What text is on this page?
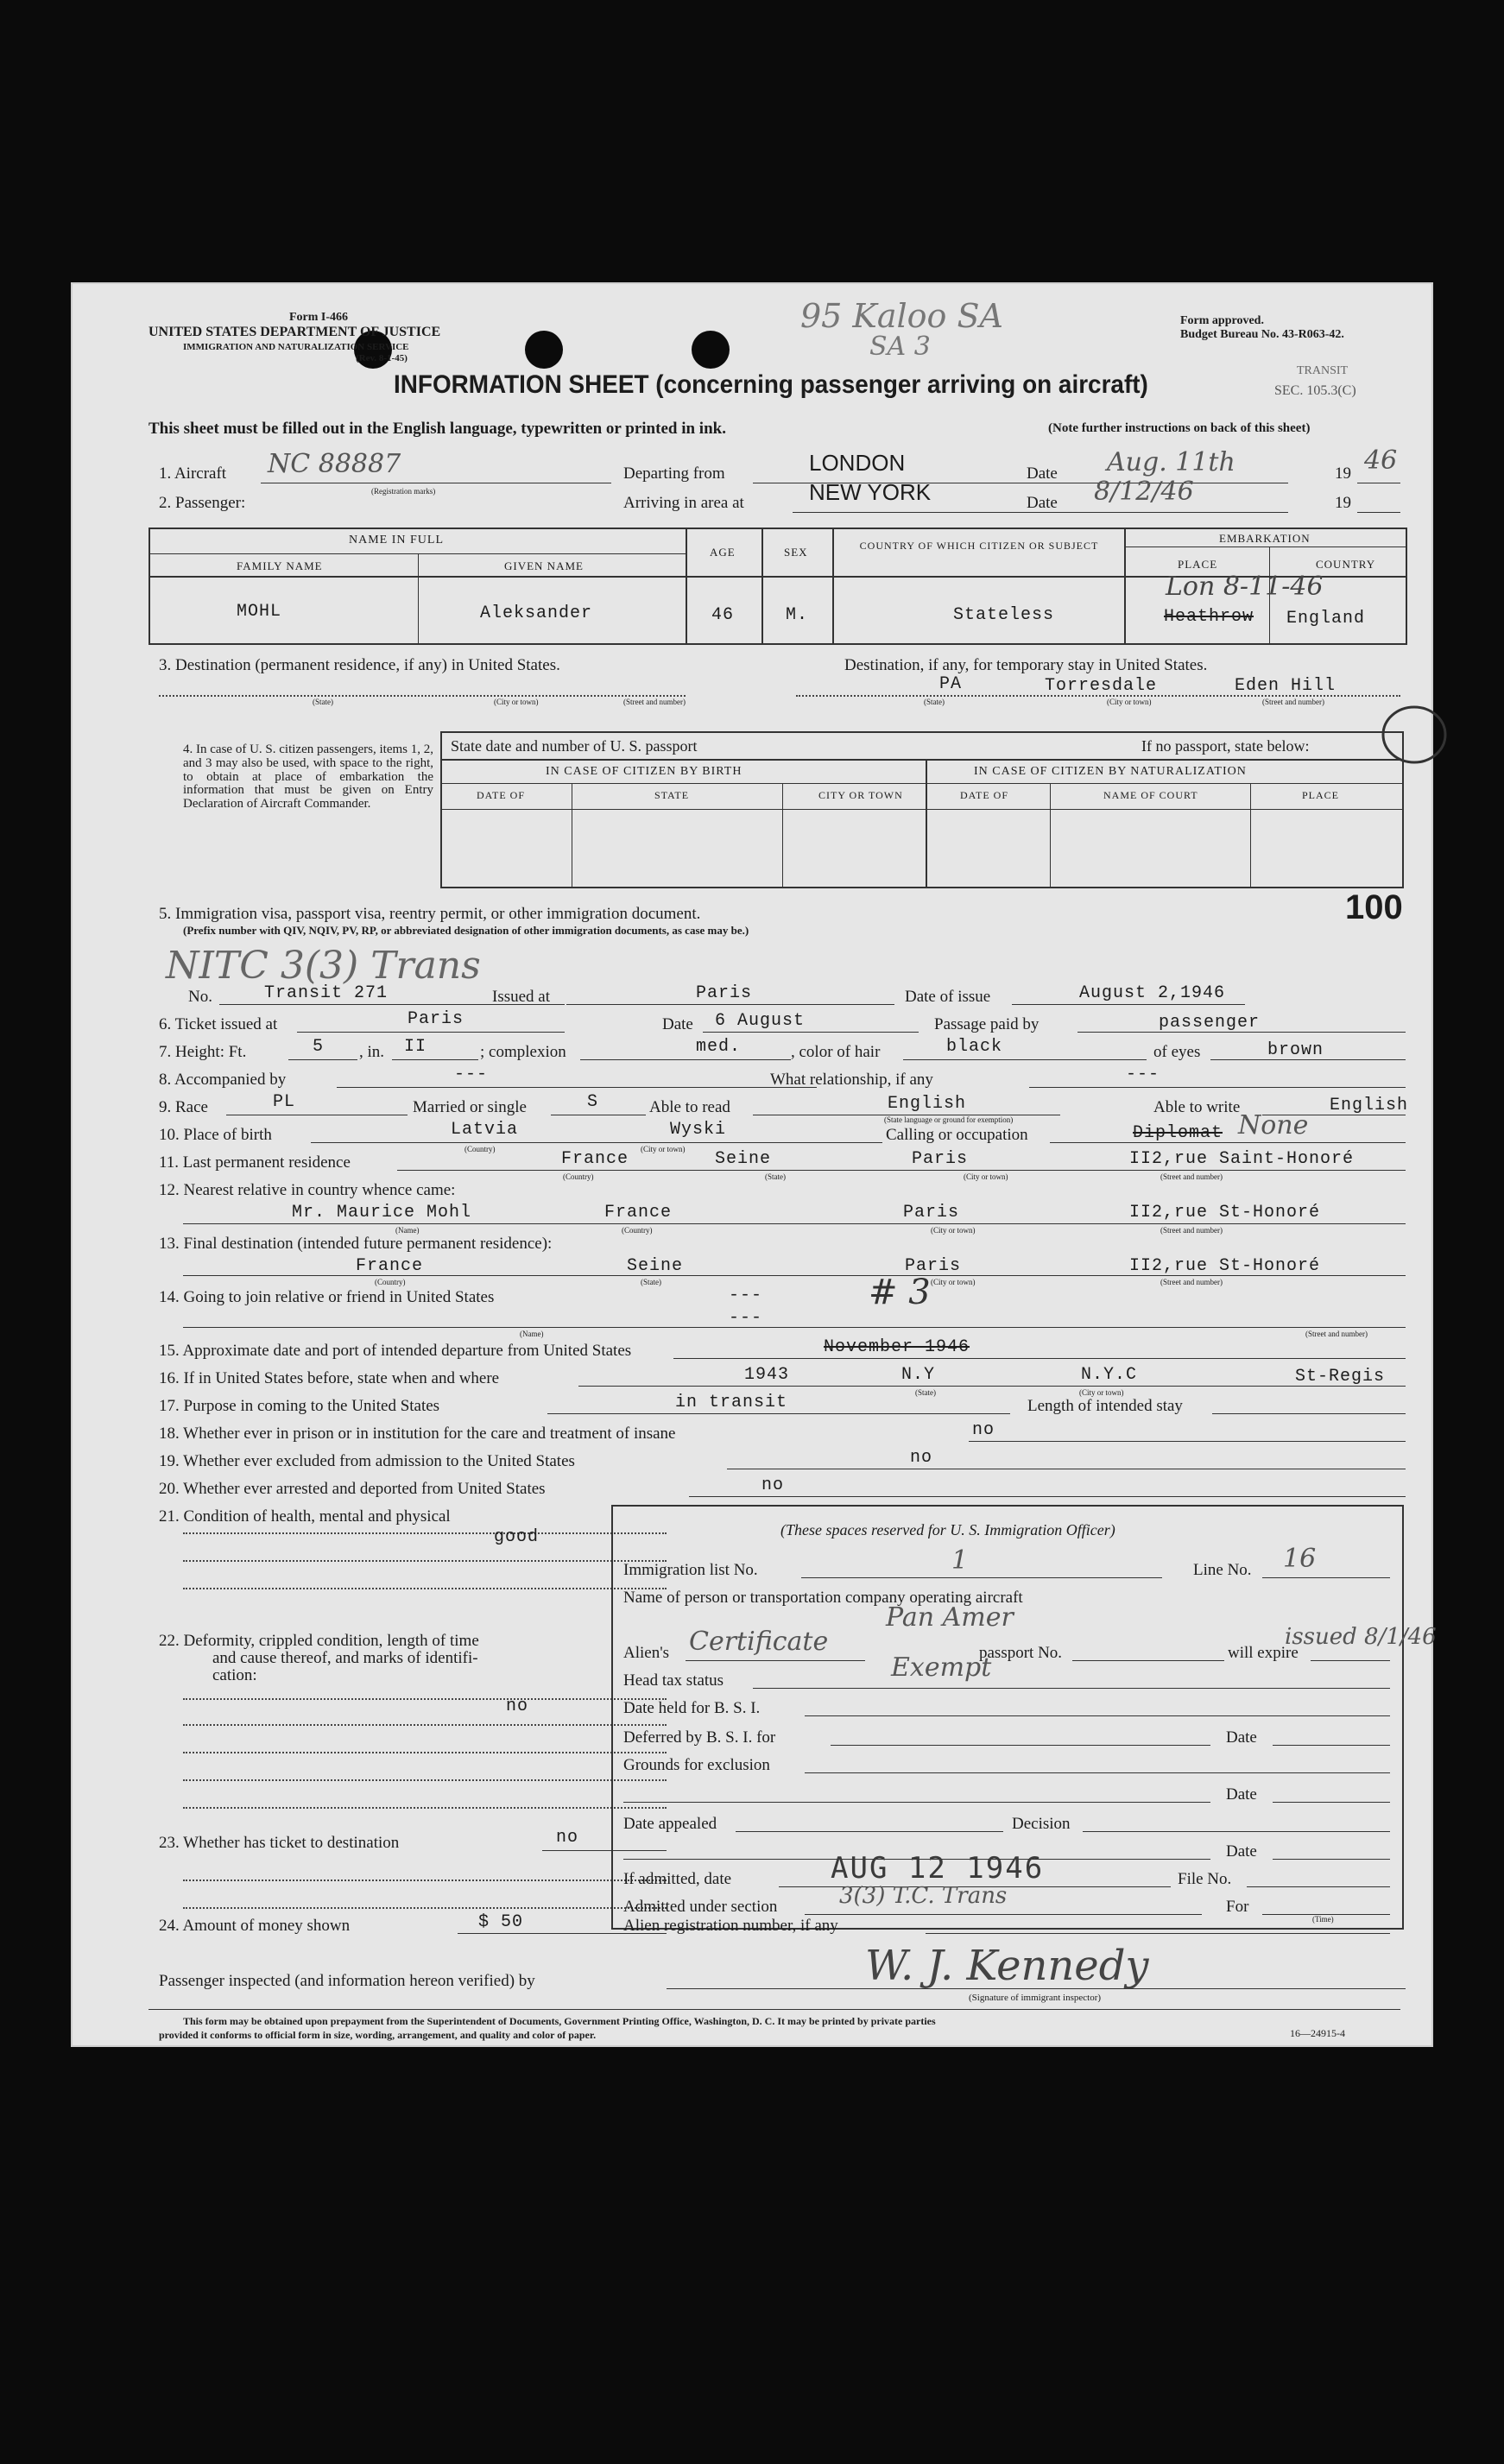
Form I-466
UNITED STATES DEPARTMENT OF JUSTICE
IMMIGRATION AND NATURALIZATION SERVICE
(Rev. 8-1-45)
95 Kaloo SA
SA 3
Form approved.
Budget Bureau No. 43-R063-42.
TRANSIT
SEC. 105.3(C)
INFORMATION SHEET (concerning passenger arriving on aircraft)
This sheet must be filled out in the English language, typewritten or printed in ink.	(Note further instructions on back of this sheet)
1. Aircraft NC 88887
(Registration marks)
Departing from	LONDON	Date Aug. 11th	19 46
2. Passenger:	Arriving in area at	NEW YORK	Date 8/12/46	19
NAME IN FULL
FAMILY NAME	GIVEN NAME
AGE	SEX	COUNTRY OF WHICH CITIZEN OR SUBJECT
EMBARKATION
PLACE	COUNTRY
MOHL	Aleksander	46	M.	Stateless
Lon 8-11-46
Heathrow England
3. Destination (permanent residence, if any) in United States.	Destination, if any, for temporary stay in United States.
(State)	(City or town)	(Street and number)
PA	Torresdale	Eden Hill
(State)	(City or town)	(Street and number)
4. In case of U. S. citizen passengers, items 1, 2, and 3 may also be used, with space to the right, to obtain at place of embarkation the information that must be given on Entry Declaration of Aircraft Commander.
State date and number of U. S. passport	If no passport, state below:
IN CASE OF CITIZEN BY BIRTH	IN CASE OF CITIZEN BY NATURALIZATION
DATE OF	STATE	CITY OR TOWN	DATE OF	NAME OF COURT	PLACE
5. Immigration visa, passport visa, reentry permit, or other immigration document.
(Prefix number with QIV, NQIV, PV, RP, or abbreviated designation of other immigration documents, as case may be.)
100
NITC 3(3) Trans
No.	Transit 271	Issued at	Paris	Date of issue	August 2,1946
6. Ticket issued at	Paris	Date 6 August	Passage paid by	passenger
7. Height: Ft.	5 , in. II	; complexion	med.	, color of hair	black	of eyes	brown
8. Accompanied by	---	What relationship, if any	---
9. Race	PL	Married or single	S	Able to read	English
(State language or ground for exemption)
Able to write	English
10. Place of birth	Latvia
(Country)
Wyski
(City or town)
Calling or occupation	Diplomat None
11. Last permanent residence	France	Seine	Paris	II2,rue Saint-Honoré
(Country)	(State)	(City or town)	(Street and number)
12. Nearest relative in country whence came:
Mr. Maurice Mohl	France	Paris	II2,rue St-Honoré
(Name)	(Country)	(City or town)	(Street and number)
13. Final destination (intended future permanent residence):
France	Seine	Paris	II2,rue St-Honoré
(Country)	(State)	(City or town)	(Street and number)
14. Going to join relative or friend in United States	---	# 3
---
(Name)	(Street and number)
15. Approximate date and port of intended departure from United States	November 1946
16. If in United States before, state when and where	1943	N.Y	N.Y.C	St-Regis
(State)	(City or town)
17. Purpose in coming to the United States	in transit	Length of intended stay
18. Whether ever in prison or in institution for the care and treatment of insane	no
19. Whether ever excluded from admission to the United States	no
20. Whether ever arrested and deported from United States	no
21. Condition of health, mental and physical
good
22. Deformity, crippled condition, length of time
and cause thereof, and marks of identifi-
cation:
no
23. Whether has ticket to destination	no
24. Amount of money shown	$ 50
(These spaces reserved for U. S. Immigration Officer)
Immigration list No.	1	Line No. 16
Name of person or transportation company operating aircraft
Pan Amer
Alien's Certificate	passport No.	will expire
issued 8/1/46
Head tax status	Exempt
Date held for B. S. I.
Deferred by B. S. I. for	Date
Grounds for exclusion
Date
Date appealed	Decision
Date
If admitted, date	AUG 12 1946	File No.
Admitted under section	3(3) T.C. Trans	For
(Time)
Alien registration number, if any
Passenger inspected (and information hereon verified) by	W. J. Kennedy
(Signature of immigrant inspector)
This form may be obtained upon prepayment from the Superintendent of Documents, Government Printing Office, Washington, D. C. It may be printed by private parties
provided it conforms to official form in size, wording, arrangement, and quality and color of paper.	16—24915-4
